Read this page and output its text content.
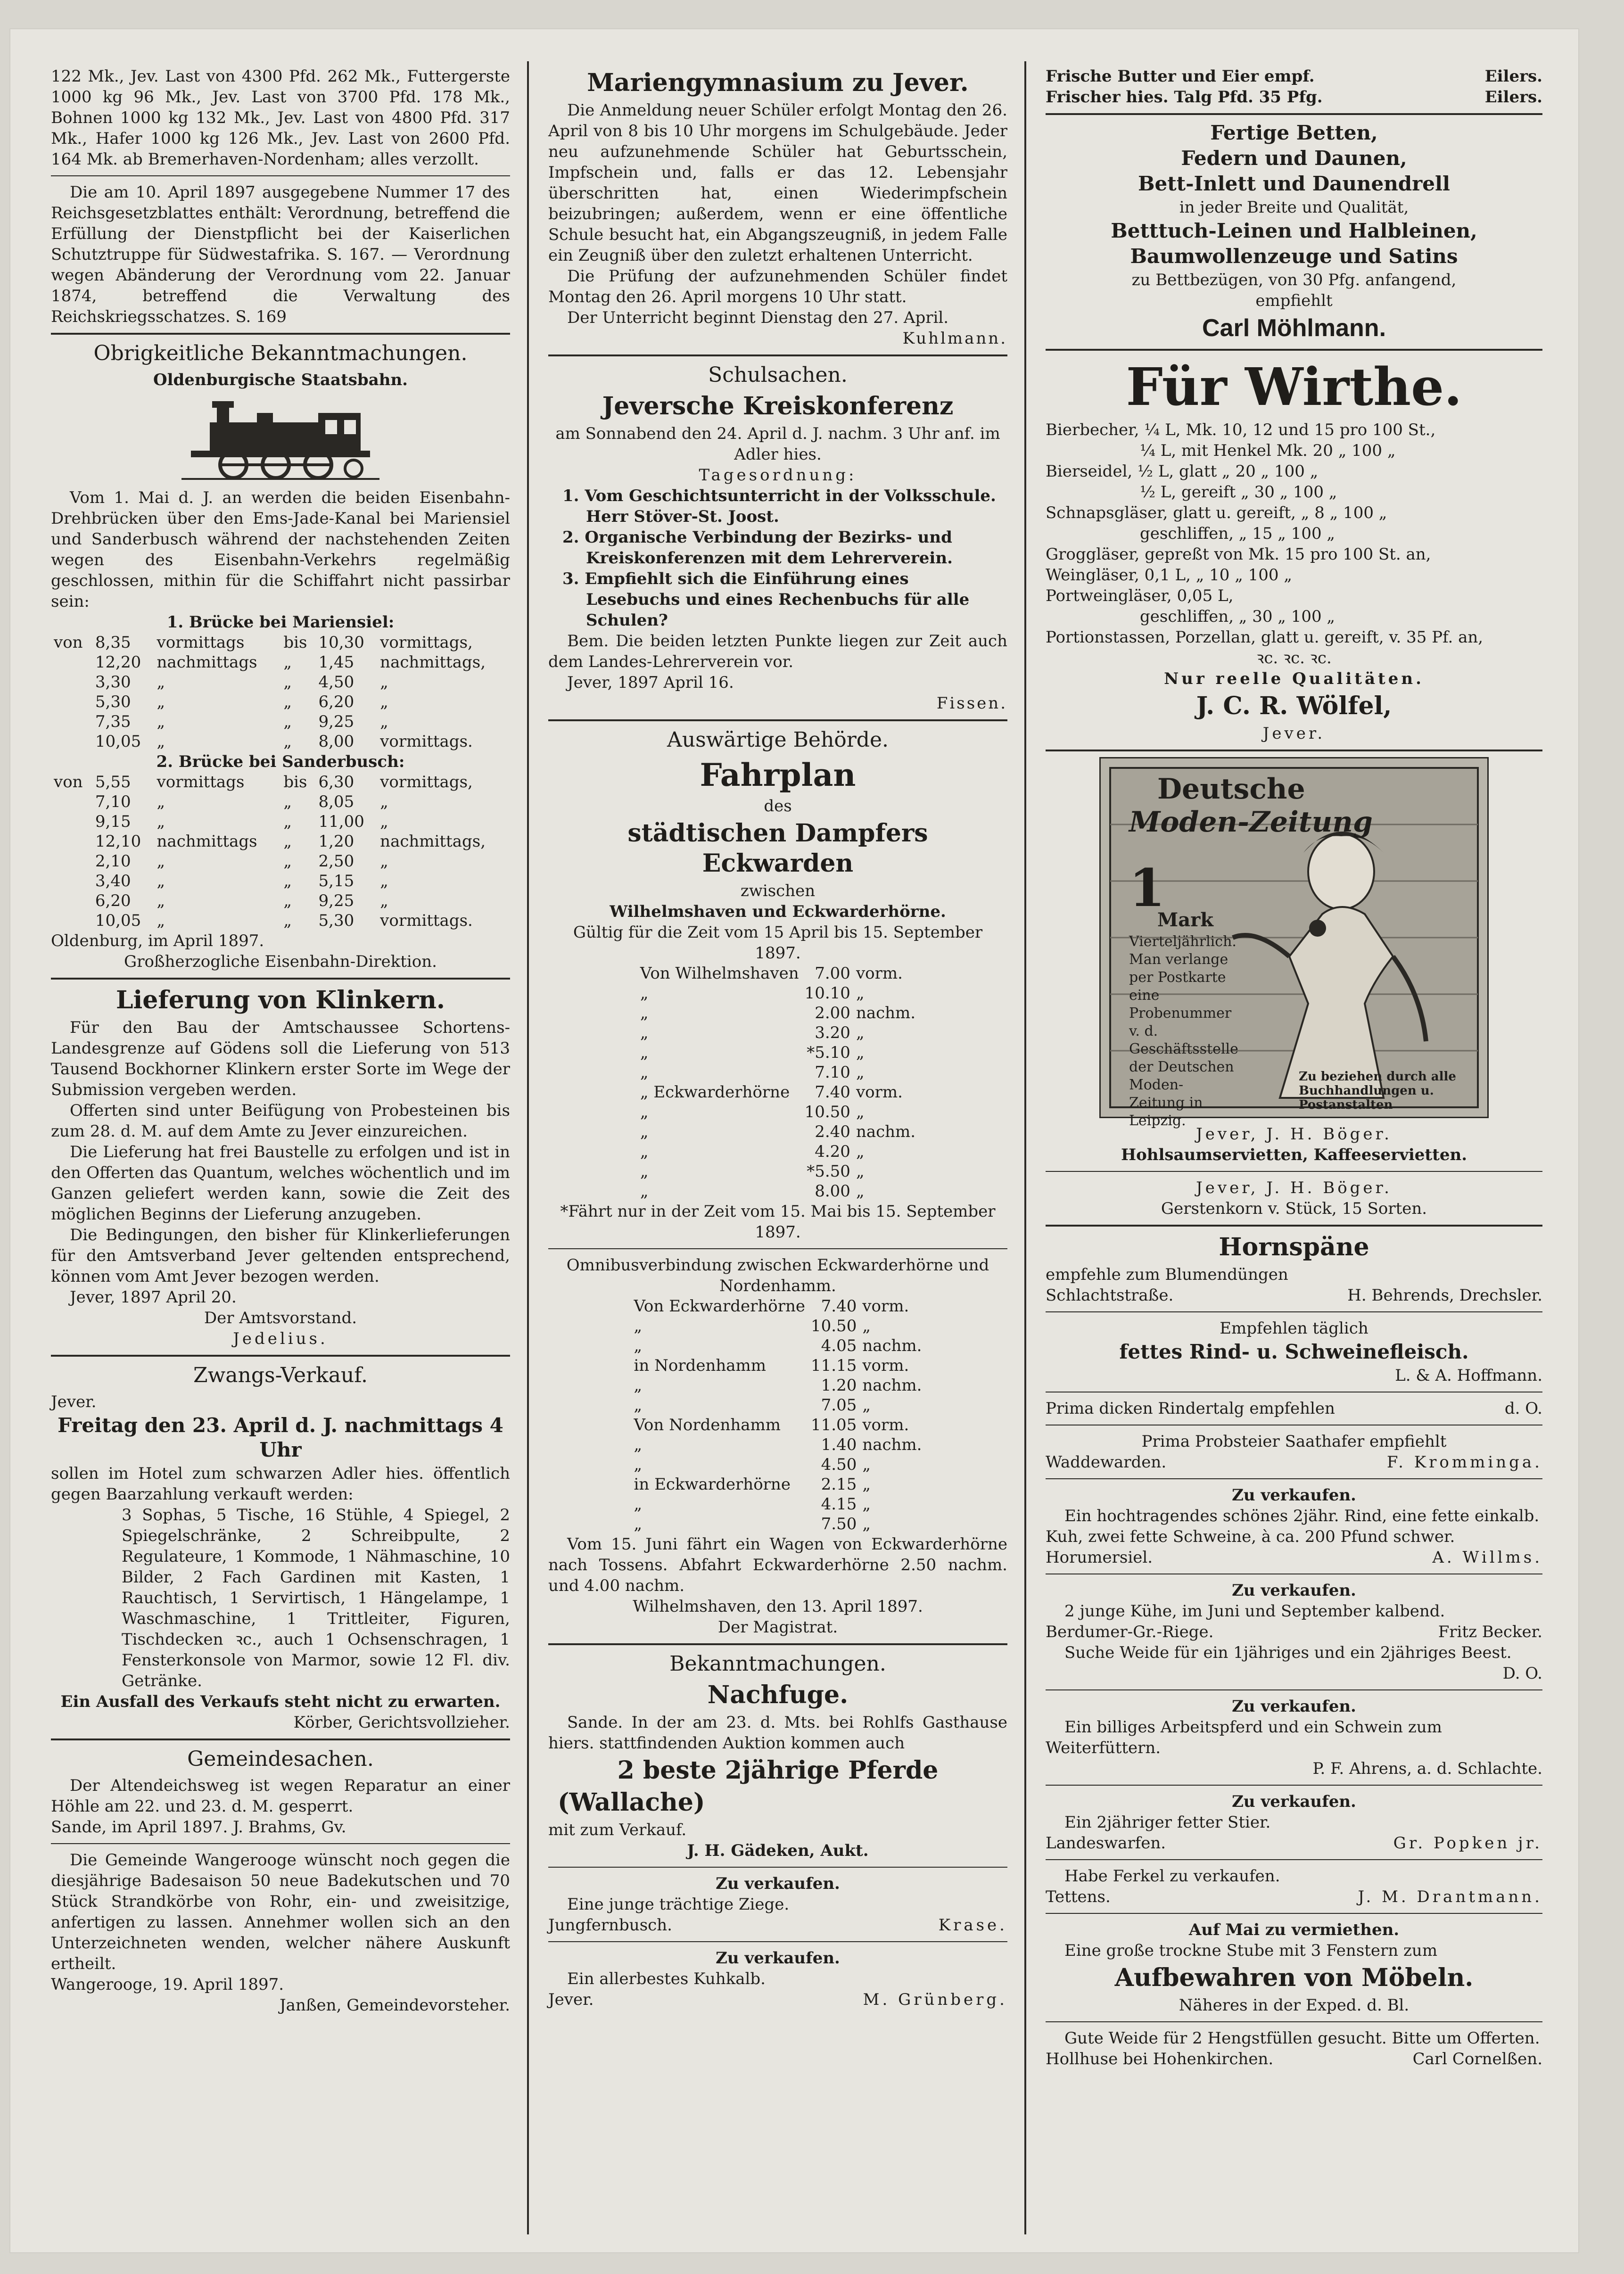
122 Mk., Jev. Last von 4300 Pfd. 262 Mk., Futtergerste 1000 kg 96 Mk., Jev. Last von 3700 Pfd. 178 Mk., Bohnen 1000 kg 132 Mk., Jev. Last von 4800 Pfd. 317 Mk., Hafer 1000 kg 126 Mk., Jev. Last von 2600 Pfd. 164 Mk. ab Bremerhaven-Nordenham; alles verzollt.
Die am 10. April 1897 ausgegebene Nummer 17 des Reichsgesetzblattes enthält: Verordnung, betreffend die Erfüllung der Dienstpflicht bei der Kaiserlichen Schutztruppe für Südwestafrika. S. 167. — Verordnung wegen Abänderung der Verordnung vom 22. Januar 1874, betreffend die Verwaltung des Reichskriegsschatzes. S. 169
Obrigkeitliche Bekanntmachungen.
Oldenburgische Staatsbahn.
Vom 1. Mai d. J. an werden die beiden Eisenbahn-Drehbrücken über den Ems-Jade-Kanal bei Mariensiel und Sanderbusch während der nachstehenden Zeiten wegen des Eisenbahn-Verkehrs regelmäßig geschlossen, mithin für die Schiffahrt nicht passirbar sein:
1. Brücke bei Mariensiel:
von	8,35	vormittags	bis	10,30	vormittags,
	12,20	nachmittags	„	1,45	nachmittags,
	3,30	„	„	4,50	„
	5,30	„	„	6,20	„
	7,35	„	„	9,25	„
	10,05	„	„	8,00	vormittags.
2. Brücke bei Sanderbusch:
von	5,55	vormittags	bis	6,30	vormittags,
	7,10	„	„	8,05	„
	9,15	„	„	11,00	„
	12,10	nachmittags	„	1,20	nachmittags,
	2,10	„	„	2,50	„
	3,40	„	„	5,15	„
	6,20	„	„	9,25	„
	10,05	„	„	5,30	vormittags.
Oldenburg, im April 1897.
Großherzogliche Eisenbahn-Direktion.
Lieferung von Klinkern.
Für den Bau der Amtschaussee Schortens-Landesgrenze auf Gödens soll die Lieferung von 513 Tausend Bockhorner Klinkern erster Sorte im Wege der Submission vergeben werden.
Offerten sind unter Beifügung von Probesteinen bis zum 28. d. M. auf dem Amte zu Jever einzureichen.
Die Lieferung hat frei Baustelle zu erfolgen und ist in den Offerten das Quantum, welches wöchentlich und im Ganzen geliefert werden kann, sowie die Zeit des möglichen Beginns der Lieferung anzugeben.
Die Bedingungen, den bisher für Klinkerlieferungen für den Amtsverband Jever geltenden entsprechend, können vom Amt Jever bezogen werden.
Jever, 1897 April 20.
Der Amtsvorstand.
Jedelius.
Zwangs-Verkauf.
Jever.
Freitag den 23. April d. J. nachmittags 4 Uhr
sollen im Hotel zum schwarzen Adler hies. öffentlich gegen Baarzahlung verkauft werden:
3 Sophas, 5 Tische, 16 Stühle, 4 Spiegel, 2 Spiegelschränke, 2 Schreibpulte, 2 Regulateure, 1 Kommode, 1 Nähmaschine, 10 Bilder, 2 Fach Gardinen mit Kasten, 1 Rauchtisch, 1 Servirtisch, 1 Hängelampe, 1 Waschmaschine, 1 Trittleiter, Figuren, Tischdecken ꝛc., auch 1 Ochsenschragen, 1 Fensterkonsole von Marmor, sowie 12 Fl. div. Getränke.
Ein Ausfall des Verkaufs steht nicht zu erwarten.
Körber, Gerichtsvollzieher.
Gemeindesachen.
Der Altendeichsweg ist wegen Reparatur an einer Höhle am 22. und 23. d. M. gesperrt.
Sande, im April 1897. J. Brahms, Gv.
Die Gemeinde Wangerooge wünscht noch gegen die diesjährige Badesaison 50 neue Badekutschen und 70 Stück Strandkörbe von Rohr, ein- und zweisitzige, anfertigen zu lassen. Annehmer wollen sich an den Unterzeichneten wenden, welcher nähere Auskunft ertheilt.
Wangerooge, 19. April 1897.
Janßen, Gemeindevorsteher.
Mariengymnasium zu Jever.
Die Anmeldung neuer Schüler erfolgt Montag den 26. April von 8 bis 10 Uhr morgens im Schulgebäude. Jeder neu aufzunehmende Schüler hat Geburtsschein, Impfschein und, falls er das 12. Lebensjahr überschritten hat, einen Wiederimpfschein beizubringen; außerdem, wenn er eine öffentliche Schule besucht hat, ein Abgangszeugniß, in jedem Falle ein Zeugniß über den zuletzt erhaltenen Unterricht.
Die Prüfung der aufzunehmenden Schüler findet Montag den 26. April morgens 10 Uhr statt.
Der Unterricht beginnt Dienstag den 27. April.
Kuhlmann.
Schulsachen.
Jeversche Kreiskonferenz
am Sonnabend den 24. April d. J. nachm. 3 Uhr anf. im Adler hies.
Tagesordnung:
1. Vom Geschichtsunterricht in der Volksschule. Herr Stöver-St. Joost.
2. Organische Verbindung der Bezirks- und Kreiskonferenzen mit dem Lehrerverein.
3. Empfiehlt sich die Einführung eines Lesebuchs und eines Rechenbuchs für alle Schulen?
Bem. Die beiden letzten Punkte liegen zur Zeit auch dem Landes-Lehrerverein vor.
Jever, 1897 April 16.
Fissen.
Auswärtige Behörde.
Fahrplan
des
städtischen Dampfers Eckwarden
zwischen
Wilhelmshaven und Eckwarderhörne.
Gültig für die Zeit vom 15 April bis 15. September 1897.
Von Wilhelmshaven	7.00	vorm.
„	10.10	„
„	2.00	nachm.
„	3.20	„
„	*5.10	„
„	7.10	„
„ Eckwarderhörne	7.40	vorm.
„	10.50	„
„	2.40	nachm.
„	4.20	„
„	*5.50	„
„	8.00	„
*Fährt nur in der Zeit vom 15. Mai bis 15. September 1897.
Omnibusverbindung zwischen Eckwarderhörne und Nordenhamm.
Von Eckwarderhörne	7.40	vorm.
„	10.50	„
„	4.05	nachm.
in Nordenhamm	11.15	vorm.
„	1.20	nachm.
„	7.05	„
Von Nordenhamm	11.05	vorm.
„	1.40	nachm.
„	4.50	„
in Eckwarderhörne	2.15	„
„	4.15	„
„	7.50	„
Vom 15. Juni fährt ein Wagen von Eckwarderhörne nach Tossens. Abfahrt Eckwarderhörne 2.50 nachm. und 4.00 nachm.
Wilhelmshaven, den 13. April 1897.
Der Magistrat.
Bekanntmachungen.
Nachfuge.
Sande. In der am 23. d. Mts. bei Rohlfs Gasthause hiers. stattfindenden Auktion kommen auch
2 beste 2jährige Pferde
(Wallache)
mit zum Verkauf.
J. H. Gädeken, Aukt.
Zu verkaufen.
Eine junge trächtige Ziege.
Jungfernbusch.	Krase.
Zu verkaufen.
Ein allerbestes Kuhkalb.
Jever.	M. Grünberg.
Frische Butter und Eier empf.	Eilers.
Frischer hies. Talg Pfd. 35 Pfg.	Eilers.
Fertige Betten,
Federn und Daunen,
Bett-Inlett und Daunendrell
in jeder Breite und Qualität,
Betttuch-Leinen und Halbleinen,
Baumwollenzeuge und Satins
zu Bettbezügen, von 30 Pfg. anfangend,
empfiehlt
Carl Möhlmann.
Für Wirthe.
Bierbecher, ¼ L, Mk. 10, 12 und 15 pro 100 St.,
¼ L, mit Henkel Mk. 20 „ 100 „
Bierseidel, ½ L, glatt „ 20 „ 100 „
½ L, gereift „ 30 „ 100 „
Schnapsgläser, glatt u. gereift, „ 8 „ 100 „
geschliffen, „ 15 „ 100 „
Groggläser, gepreßt von Mk. 15 pro 100 St. an,
Weingläser, 0,1 L, „ 10 „ 100 „
Portweingläser, 0,05 L,
geschliffen, „ 30 „ 100 „
Portionstassen, Porzellan, glatt u. gereift, v. 35 Pf. an,
ꝛc. ꝛc. ꝛc.
Nur reelle Qualitäten.
J. C. R. Wölfel,
Jever.
Deutsche
Moden-Zeitung
1
Mark
Vierteljährlich. Man verlange per Postkarte eine Probenummer v. d. Geschäftsstelle der Deutschen Moden-Zeitung in Leipzig.
Zu beziehen durch alle Buchhandlungen u. Postanstalten
Jever, J. H. Böger.
Hohlsaumservietten, Kaffeeservietten.
Jever, J. H. Böger.
Gerstenkorn v. Stück, 15 Sorten.
Hornspäne
empfehle zum Blumendüngen
Schlachtstraße.	H. Behrends, Drechsler.
Empfehlen täglich
fettes Rind- u. Schweinefleisch.
L. & A. Hoffmann.
Prima dicken Rindertalg empfehlen	d. O.
Prima Probsteier Saathafer empfiehlt
Waddewarden.	F. Kromminga.
Zu verkaufen.
Ein hochtragendes schönes 2jähr. Rind, eine fette einkalb. Kuh, zwei fette Schweine, à ca. 200 Pfund schwer.
Horumersiel.	A. Willms.
Zu verkaufen.
2 junge Kühe, im Juni und September kalbend.
Berdumer-Gr.-Riege.	Fritz Becker.
Suche Weide für ein 1jähriges und ein 2jähriges Beest.
D. O.
Zu verkaufen.
Ein billiges Arbeitspferd und ein Schwein zum Weiterfüttern.
P. F. Ahrens, a. d. Schlachte.
Zu verkaufen.
Ein 2jähriger fetter Stier.
Landeswarfen.	Gr. Popken jr.
Habe Ferkel zu verkaufen.
Tettens.	J. M. Drantmann.
Auf Mai zu vermiethen.
Eine große trockne Stube mit 3 Fenstern zum
Aufbewahren von Möbeln.
Näheres in der Exped. d. Bl.
Gute Weide für 2 Hengstfüllen gesucht. Bitte um Offerten.
Hollhuse bei Hohenkirchen.	Carl Cornelßen.
